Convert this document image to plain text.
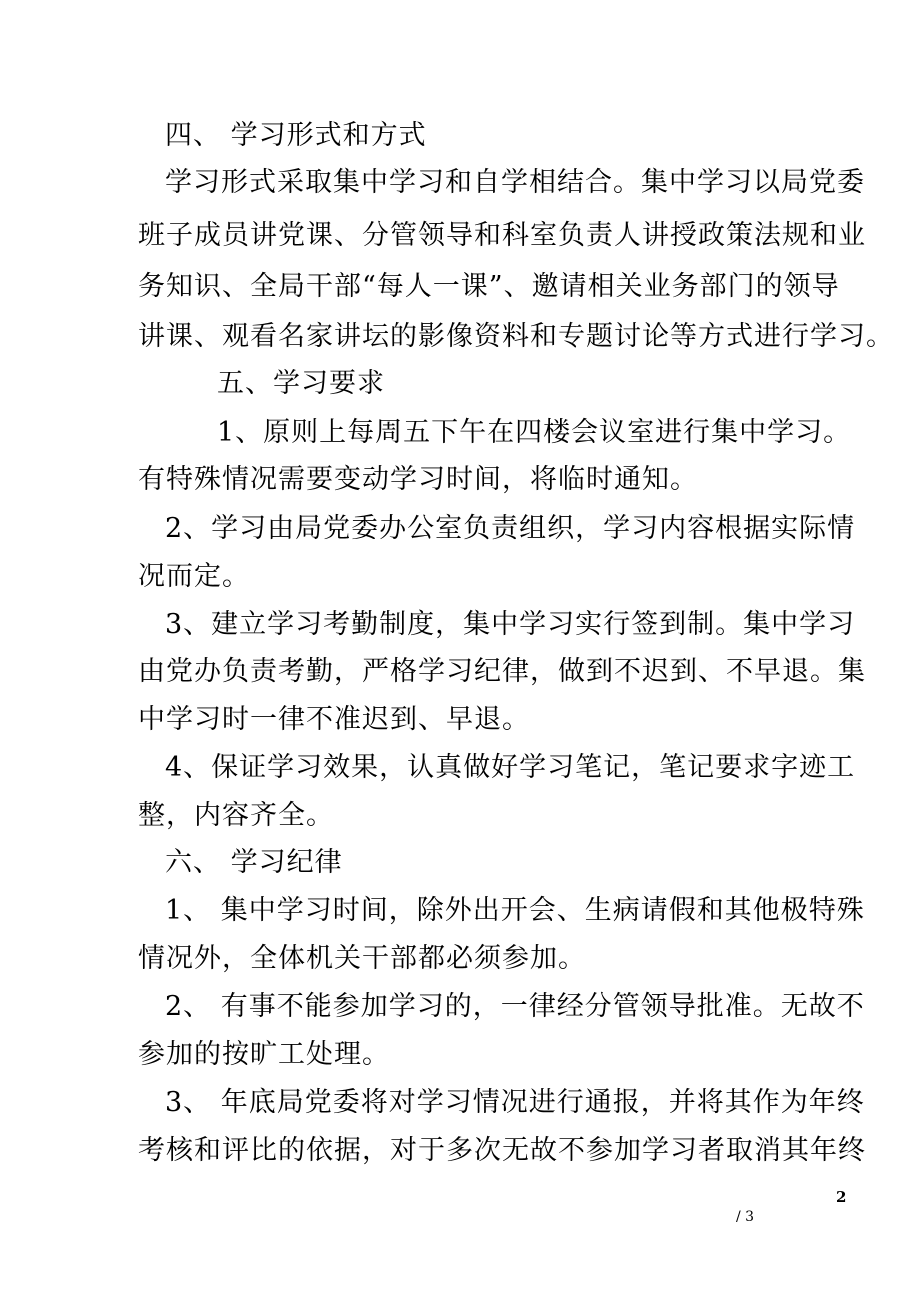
四、 学习形式和方式
学习形式采取集中学习和自学相结合。集中学习以局党委
班子成员讲党课、分管领导和科室负责人讲授政策法规和业
务知识、全局干部“每人一课”、邀请相关业务部门的领导
讲课、观看名家讲坛的影像资料和专题讨论等方式进行学习。
五、学习要求
1、原则上每周五下午在四楼会议室进行集中学习。
有特殊情况需要变动学习时间，将临时通知。
2、学习由局党委办公室负责组织，学习内容根据实际情
况而定。
3、建立学习考勤制度，集中学习实行签到制。集中学习
由党办负责考勤，严格学习纪律，做到不迟到、不早退。集
中学习时一律不准迟到、早退。
4、保证学习效果，认真做好学习笔记，笔记要求字迹工
整，内容齐全。
六、 学习纪律
1、 集中学习时间，除外出开会、生病请假和其他极特殊
情况外，全体机关干部都必须参加。
2、 有事不能参加学习的，一律经分管领导批准。无故不
参加的按旷工处理。
3、 年底局党委将对学习情况进行通报，并将其作为年终
考核和评比的依据，对于多次无故不参加学习者取消其年终
2
/ 3
